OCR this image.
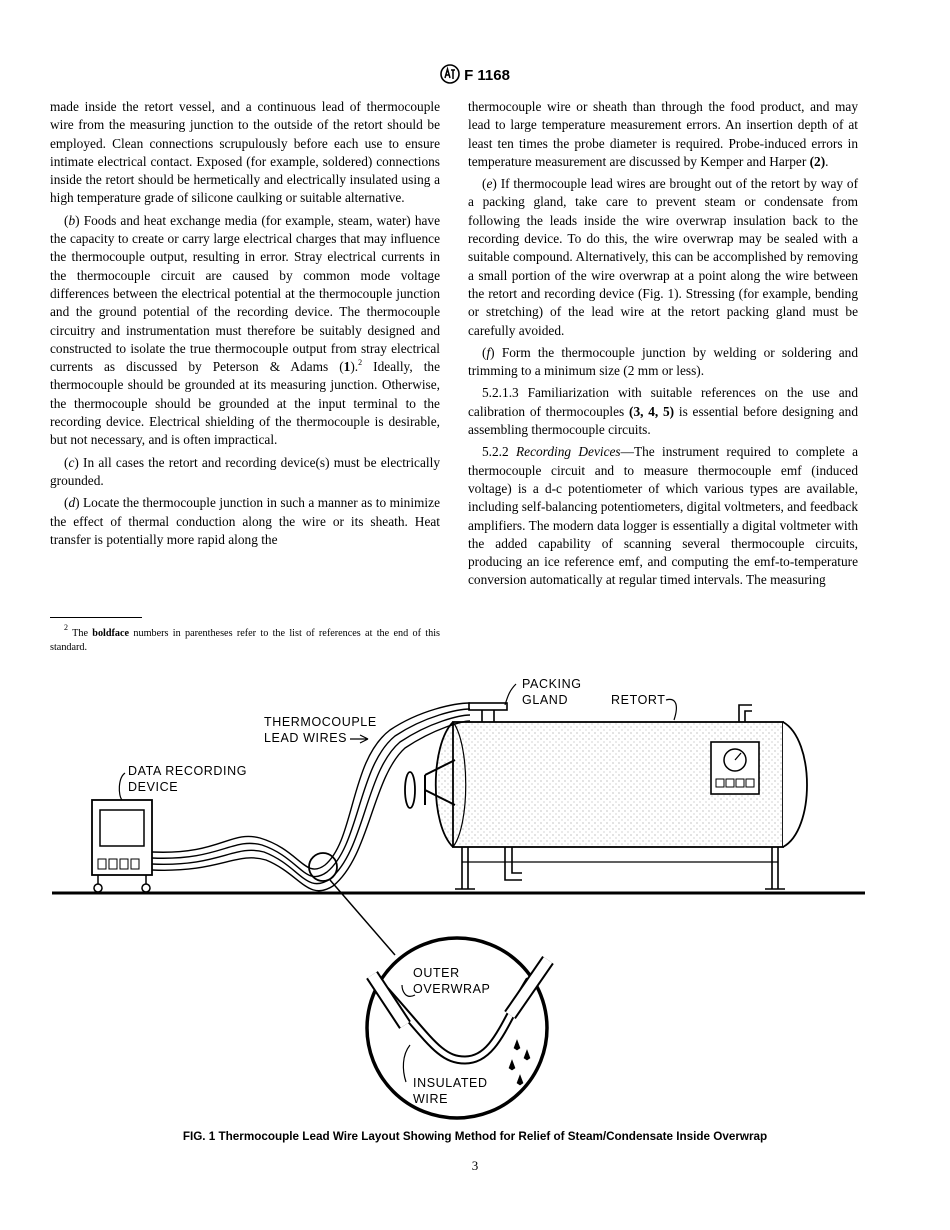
F 1168

made inside the retort vessel, and a continuous lead of thermocouple wire from the measuring junction to the outside of the retort should be employed. Clean connections scrupulously before each use to ensure intimate electrical contact. Exposed (for example, soldered) connections inside the retort should be hermetically and electrically insulated using a high temperature grade of silicone caulking or suitable alternative.

(b) Foods and heat exchange media (for example, steam, water) have the capacity to create or carry large electrical charges that may influence the thermocouple output, resulting in error. Stray electrical currents in the thermocouple circuit are caused by common mode voltage differences between the electrical potential at the thermocouple junction and the ground potential of the recording device. The thermocouple circuitry and instrumentation must therefore be suitably designed and constructed to isolate the true thermocouple output from stray electrical currents as discussed by Peterson & Adams (1).$^2$ Ideally, the thermocouple should be grounded at its measuring junction. Otherwise, the thermocouple should be grounded at the input terminal to the recording device. Electrical shielding of the thermocouple is desirable, but not necessary, and is often impractical.

(c) In all cases the retort and recording device(s) must be electrically grounded.

(d) Locate the thermocouple junction in such a manner as to minimize the effect of thermal conduction along the wire or its sheath. Heat transfer is potentially more rapid along the

$^2$ The boldface numbers in parentheses refer to the list of references at the end of this standard.

thermocouple wire or sheath than through the food product, and may lead to large temperature measurement errors. An insertion depth of at least ten times the probe diameter is required. Probe-induced errors in temperature measurement are discussed by Kemper and Harper (2).

(e) If thermocouple lead wires are brought out of the retort by way of a packing gland, take care to prevent steam or condensate from following the leads inside the wire overwrap insulation back to the recording device. To do this, the wire overwrap may be sealed with a suitable compound. Alternatively, this can be accomplished by removing a small portion of the wire overwrap at a point along the wire between the retort and recording device (Fig. 1). Stressing (for example, bending or stretching) of the lead wire at the retort packing gland must be carefully avoided.

(f) Form the thermocouple junction by welding or soldering and trimming to a minimum size (2 mm or less).

5.2.1.3 Familiarization with suitable references on the use and calibration of thermocouples (3, 4, 5) is essential before designing and assembling thermocouple circuits.

5.2.2 Recording Devices—The instrument required to complete a thermocouple circuit and to measure thermocouple emf (induced voltage) is a d-c potentiometer of which various types are available, including self-balancing potentiometers, digital voltmeters, and feedback amplifiers. The modern data logger is essentially a digital voltmeter with the added capability of scanning several thermocouple circuits, producing an ice reference emf, and computing the emf-to-temperature conversion automatically at regular timed intervals. The measuring

PACKING
GLAND	RETORT
THERMOCOUPLE
LEAD WIRES
DATA RECORDING
DEVICE
OUTER
OVERWRAP
INSULATED
WIRE
FIG. 1 Thermocouple Lead Wire Layout Showing Method for Relief of Steam/Condensate Inside Overwrap
3
